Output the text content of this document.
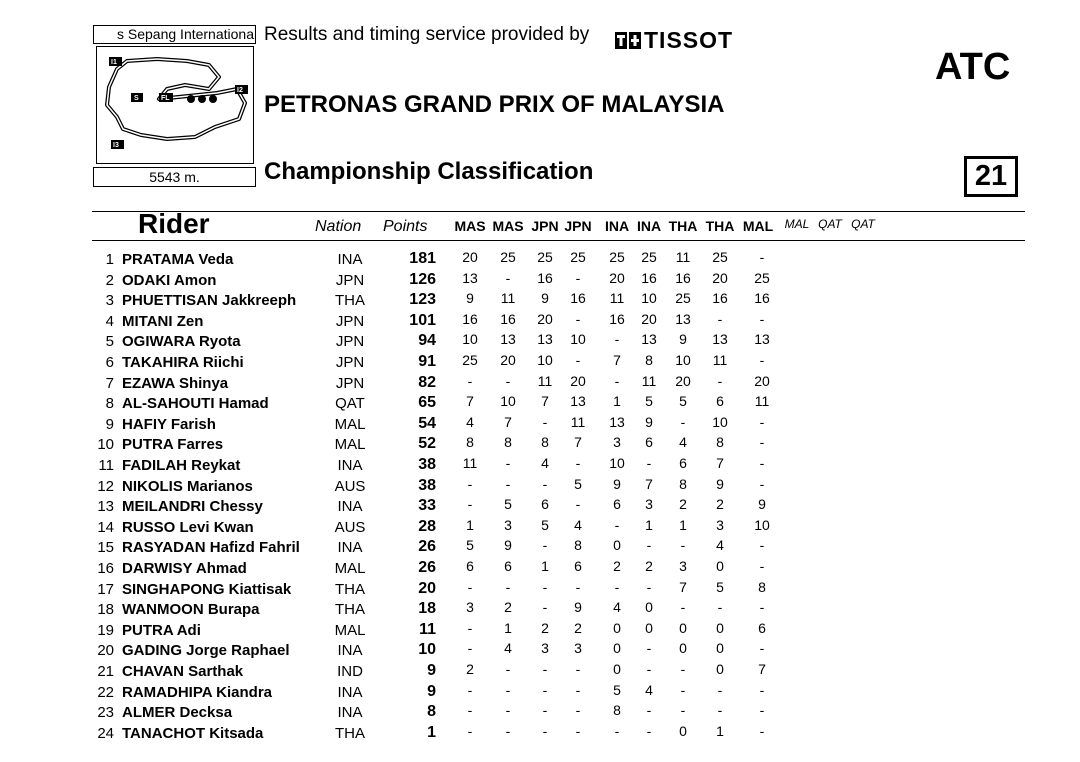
s Sepang Internationa
I1
I2
I3
S	FL
5543 m.
Results and timing service provided by TISSOT
PETRONAS GRAND PRIX OF MALAYSIA
Championship Classification
ATC
21
Rider	Nation Points	MAS MAS JPN JPN INA INA THA THA MAL MAL QAT QAT
1 PRATAMA Veda	INA	181	20	25	25	25	25	25	11	25	-
2 ODAKI Amon	JPN	126	13	-	16	-	20	16	16	20	25
3 PHUETTISAN Jakkreeph	THA	123	9	11	9	16	11	10	25	16	16
4 MITANI Zen	JPN	101	16	16	20	-	16	20	13	-	-
5 OGIWARA Ryota	JPN	94	10	13	13	10	-	13	9	13	13
6 TAKAHIRA Riichi	JPN	91	25	20	10	-	7	8	10	11	-
7 EZAWA Shinya	JPN	82	-	-	11	20	-	11	20	-	20
8 AL-SAHOUTI Hamad	QAT	65	7	10	7	13	1	5	5	6	11
9 HAFIY Farish	MAL	54	4	7	-	11	13	9	-	10	-
10 PUTRA Farres	MAL	52	8	8	8	7	3	6	4	8	-
11 FADILAH Reykat	INA	38	11	-	4	-	10	-	6	7	-
12 NIKOLIS Marianos	AUS	38	-	-	-	5	9	7	8	9	-
13 MEILANDRI Chessy	INA	33	-	5	6	-	6	3	2	2	9
14 RUSSO Levi Kwan	AUS	28	1	3	5	4	-	1	1	3	10
15 RASYADAN Hafizd Fahril	INA	26	5	9	-	8	0	-	-	4	-
16 DARWISY Ahmad	MAL	26	6	6	1	6	2	2	3	0	-
17 SINGHAPONG Kiattisak	THA	20	-	-	-	-	-	-	7	5	8
18 WANMOON Burapa	THA	18	3	2	-	9	4	0	-	-	-
19 PUTRA Adi	MAL	11	-	1	2	2	0	0	0	0	6
20 GADING Jorge Raphael	INA	10	-	4	3	3	0	-	0	0	-
21 CHAVAN Sarthak	IND	9	2	-	-	-	0	-	-	0	7
22 RAMADHIPA Kiandra	INA	9	-	-	-	-	5	4	-	-	-
23 ALMER Decksa	INA	8	-	-	-	-	8	-	-	-	-
24 TANACHOT Kitsada	THA	1	-	-	-	-	-	-	0	1	-
